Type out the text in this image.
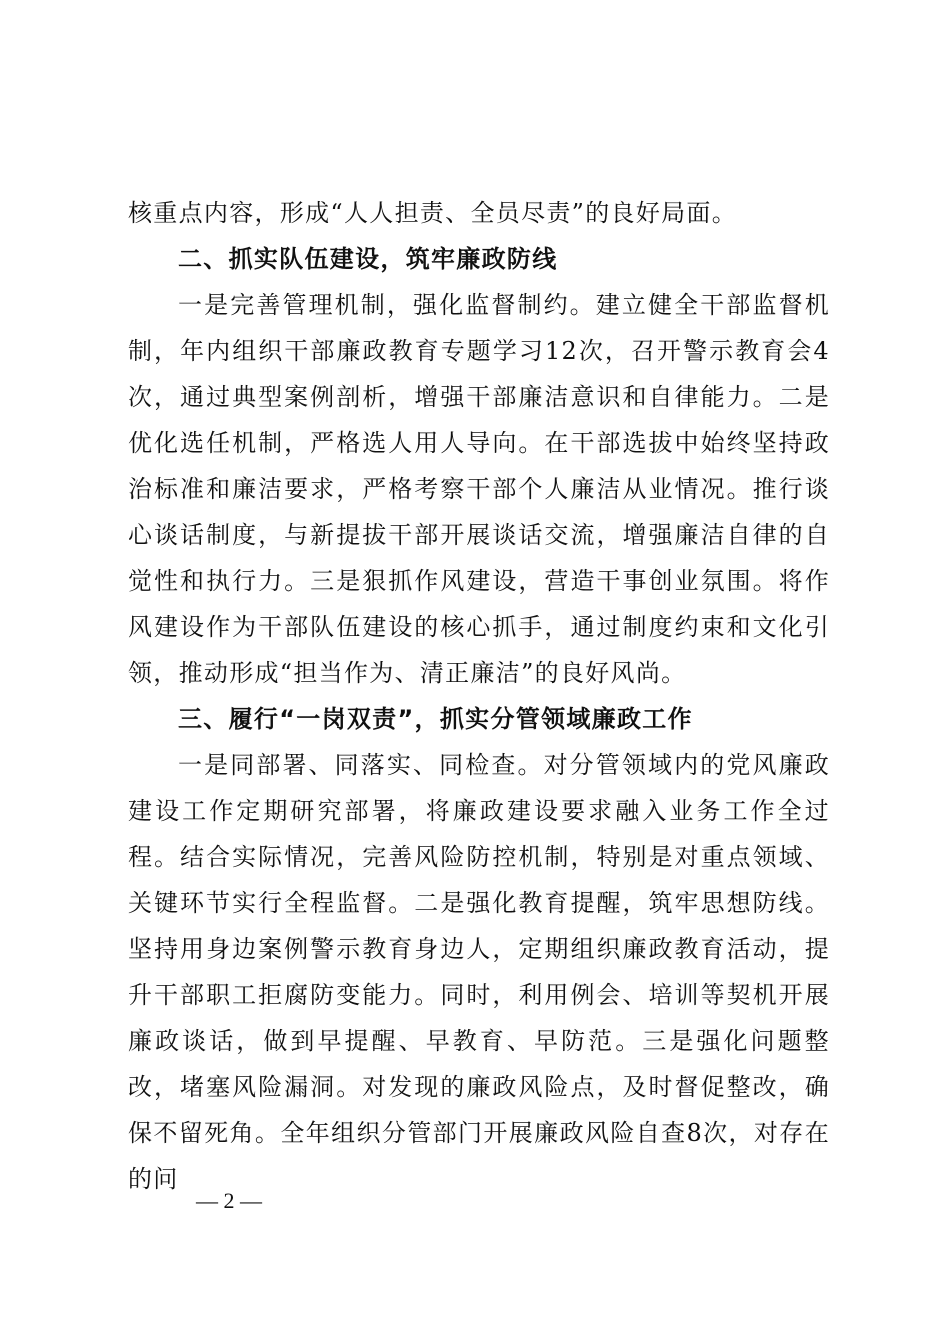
核重点内容，形成“人人担责、全员尽责”的良好局面。

二、抓实队伍建设，筑牢廉政防线

一是完善管理机制，强化监督制约。建立健全干部监督机制，年内组织干部廉政教育专题学习12次，召开警示教育会4次，通过典型案例剖析，增强干部廉洁意识和自律能力。二是优化选任机制，严格选人用人导向。在干部选拔中始终坚持政治标准和廉洁要求，严格考察干部个人廉洁从业情况。推行谈心谈话制度，与新提拔干部开展谈话交流，增强廉洁自律的自觉性和执行力。三是狠抓作风建设，营造干事创业氛围。将作风建设作为干部队伍建设的核心抓手，通过制度约束和文化引领，推动形成“担当作为、清正廉洁”的良好风尚。

三、履行“一岗双责”，抓实分管领域廉政工作

一是同部署、同落实、同检查。对分管领域内的党风廉政建设工作定期研究部署，将廉政建设要求融入业务工作全过程。结合实际情况，完善风险防控机制，特别是对重点领域、关键环节实行全程监督。二是强化教育提醒，筑牢思想防线。坚持用身边案例警示教育身边人，定期组织廉政教育活动，提升干部职工拒腐防变能力。同时，利用例会、培训等契机开展廉政谈话，做到早提醒、早教育、早防范。三是强化问题整改，堵塞风险漏洞。对发现的廉政风险点，及时督促整改，确保不留死角。全年组织分管部门开展廉政风险自查8次，对存在的问

— 2 —
